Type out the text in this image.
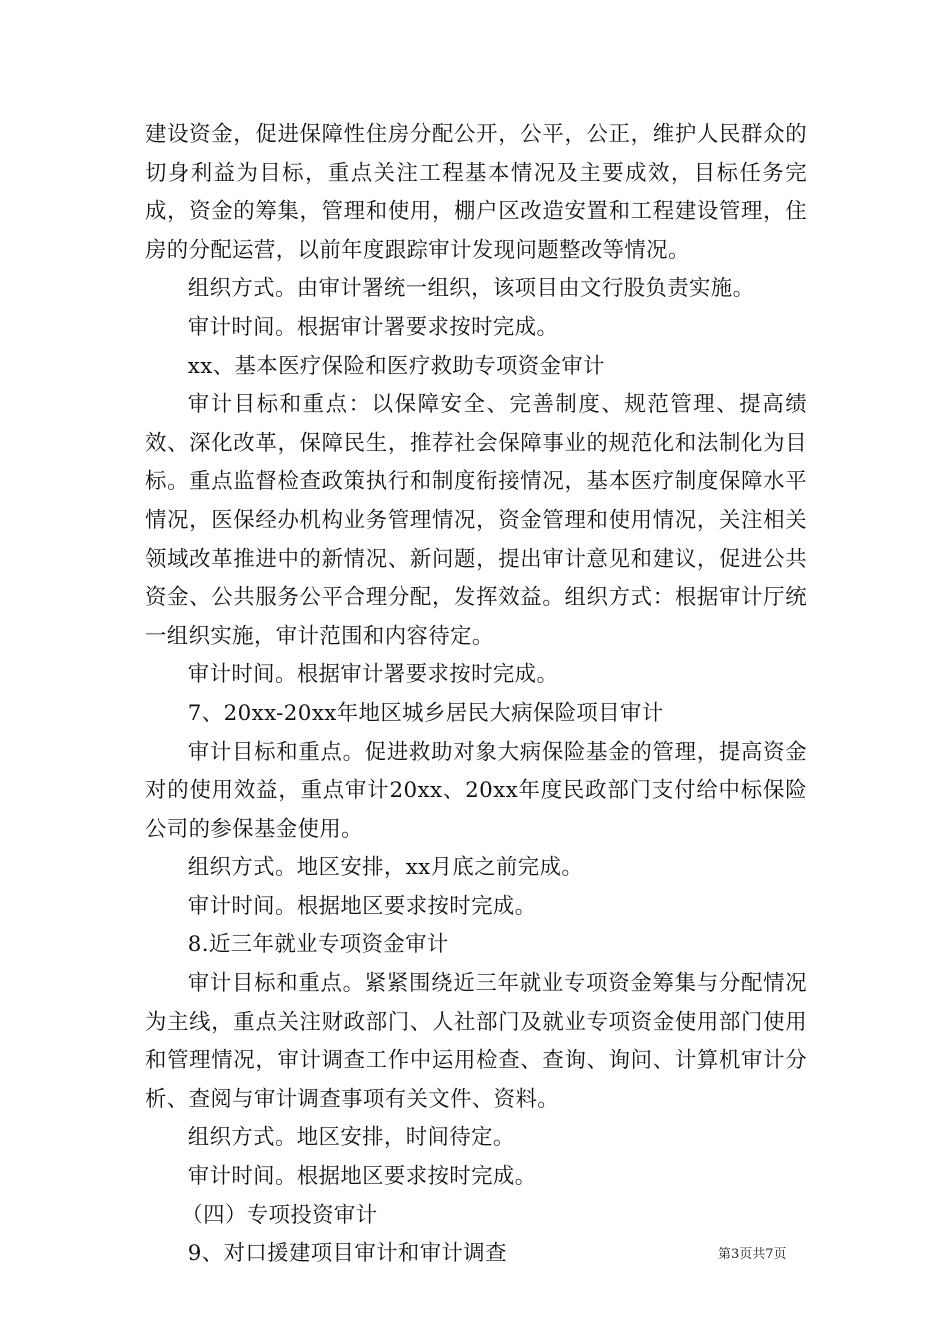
建设资金，促进保障性住房分配公开，公平，公正，维护人民群众的切身利益为目标，重点关注工程基本情况及主要成效，目标任务完成，资金的筹集，管理和使用，棚户区改造安置和工程建设管理，住房的分配运营，以前年度跟踪审计发现问题整改等情况。

组织方式。由审计署统一组织，该项目由文行股负责实施。

审计时间。根据审计署要求按时完成。

xx、基本医疗保险和医疗救助专项资金审计

审计目标和重点：以保障安全、完善制度、规范管理、提高绩效、深化改革，保障民生，推荐社会保障事业的规范化和法制化为目标。重点监督检查政策执行和制度衔接情况，基本医疗制度保障水平情况，医保经办机构业务管理情况，资金管理和使用情况，关注相关领域改革推进中的新情况、新问题，提出审计意见和建议，促进公共资金、公共服务公平合理分配，发挥效益。组织方式：根据审计厅统一组织实施，审计范围和内容待定。

审计时间。根据审计署要求按时完成。

7、20xx-20xx年地区城乡居民大病保险项目审计

审计目标和重点。促进救助对象大病保险基金的管理，提高资金对的使用效益，重点审计20xx、20xx年度民政部门支付给中标保险公司的参保基金使用。

组织方式。地区安排，xx月底之前完成。

审计时间。根据地区要求按时完成。

8.近三年就业专项资金审计

审计目标和重点。紧紧围绕近三年就业专项资金筹集与分配情况为主线，重点关注财政部门、人社部门及就业专项资金使用部门使用和管理情况，审计调查工作中运用检查、查询、询问、计算机审计分析、查阅与审计调查事项有关文件、资料。

组织方式。地区安排，时间待定。

审计时间。根据地区要求按时完成。

（四）专项投资审计

9、对口援建项目审计和审计调查	第3页共7页
